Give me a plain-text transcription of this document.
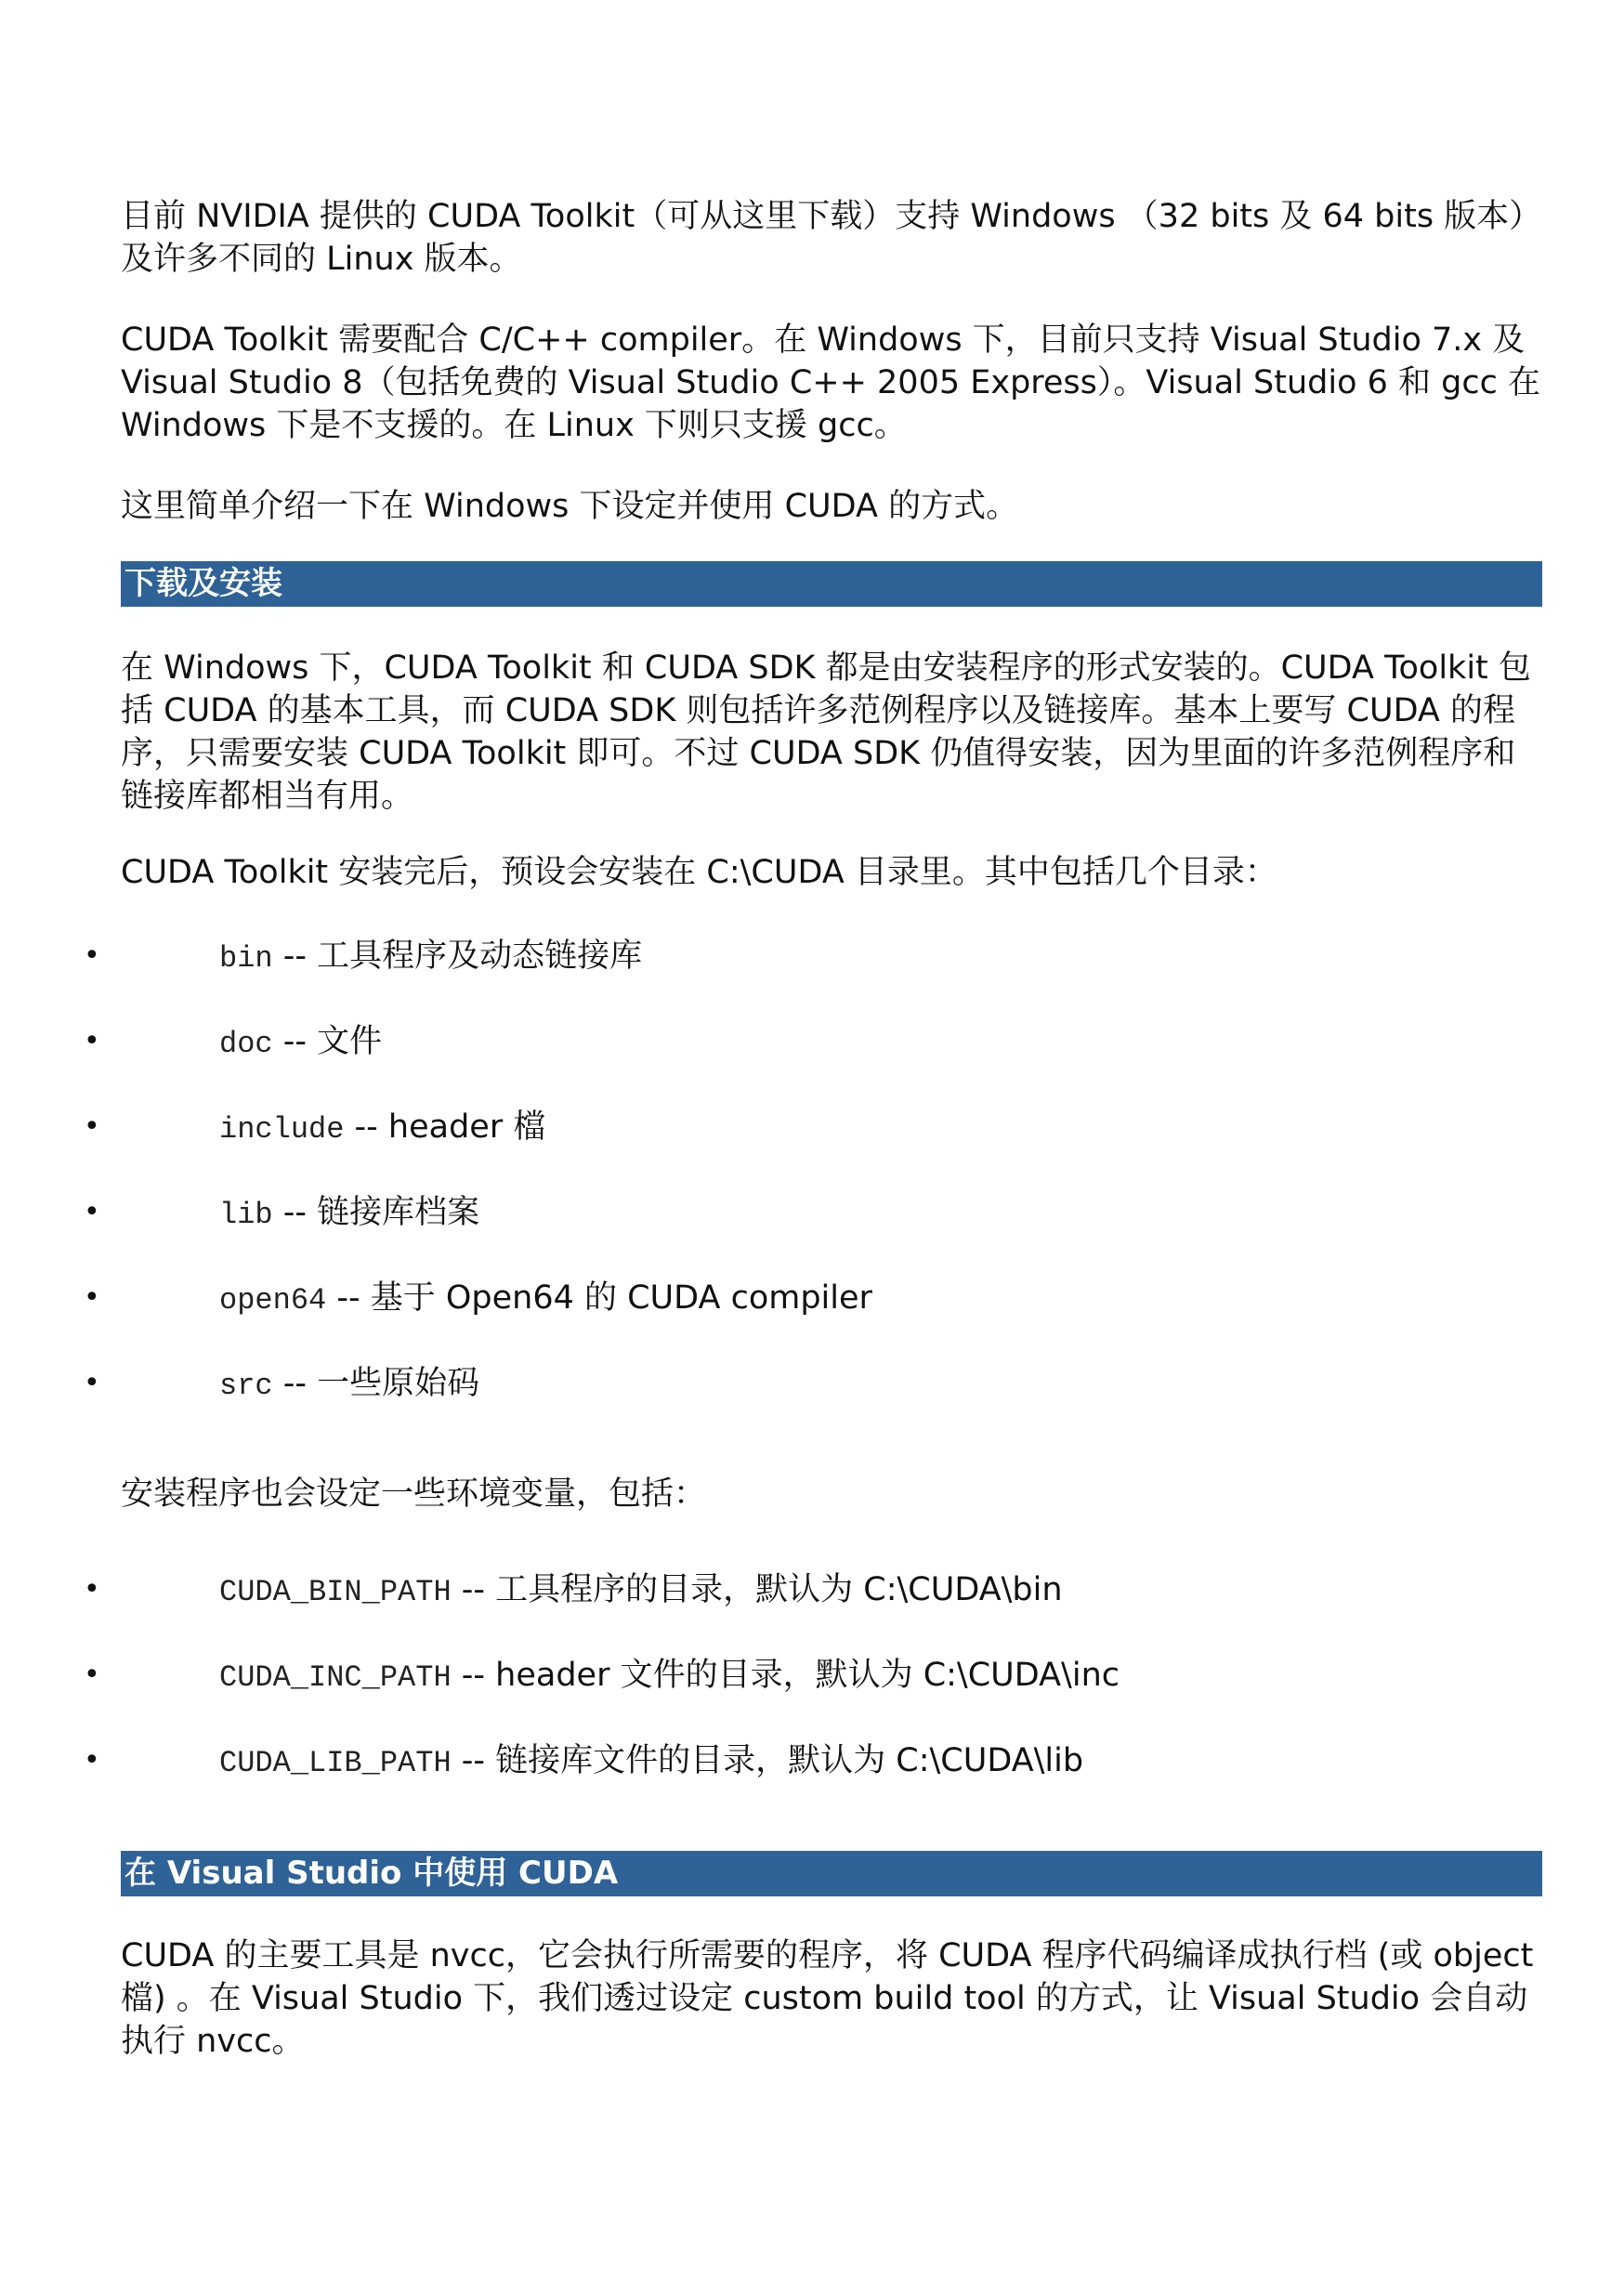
目前 NVIDIA 提供的 CUDA Toolkit（可从这里下载）支持 Windows （32 bits 及 64 bits 版本）及许多不同的 Linux 版本。

CUDA Toolkit 需要配合 C/C++ compiler。在 Windows 下，目前只支持 Visual Studio 7.x 及 Visual Studio 8（包括免费的 Visual Studio C++ 2005 Express）。Visual Studio 6 和 gcc 在 Windows 下是不支援的。在 Linux 下则只支援 gcc。

这里简单介绍一下在 Windows 下设定并使用 CUDA 的方式。

下载及安装

在 Windows 下，CUDA Toolkit 和 CUDA SDK 都是由安装程序的形式安装的。CUDA Toolkit 包括 CUDA 的基本工具，而 CUDA SDK 则包括许多范例程序以及链接库。基本上要写 CUDA 的程序，只需要安装 CUDA Toolkit 即可。不过 CUDA SDK 仍值得安装，因为里面的许多范例程序和链接库都相当有用。

CUDA Toolkit 安装完后，预设会安装在 C:\CUDA 目录里。其中包括几个目录：

•	bin -- 工具程序及动态链接库
•	doc -- 文件
•	include -- header 檔
•	lib -- 链接库档案
•	open64 -- 基于 Open64 的 CUDA compiler
•	src -- 一些原始码

安装程序也会设定一些环境变量，包括：

•	CUDA_BIN_PATH -- 工具程序的目录，默认为 C:\CUDA\bin
•	CUDA_INC_PATH -- header 文件的目录，默认为 C:\CUDA\inc
•	CUDA_LIB_PATH -- 链接库文件的目录，默认为 C:\CUDA\lib
在 Visual Studio 中使用 CUDA

CUDA 的主要工具是 nvcc，它会执行所需要的程序，将 CUDA 程序代码编译成执行档 (或 object 檔) 。在 Visual Studio 下，我们透过设定 custom build tool 的方式，让 Visual Studio 会自动执行 nvcc。
